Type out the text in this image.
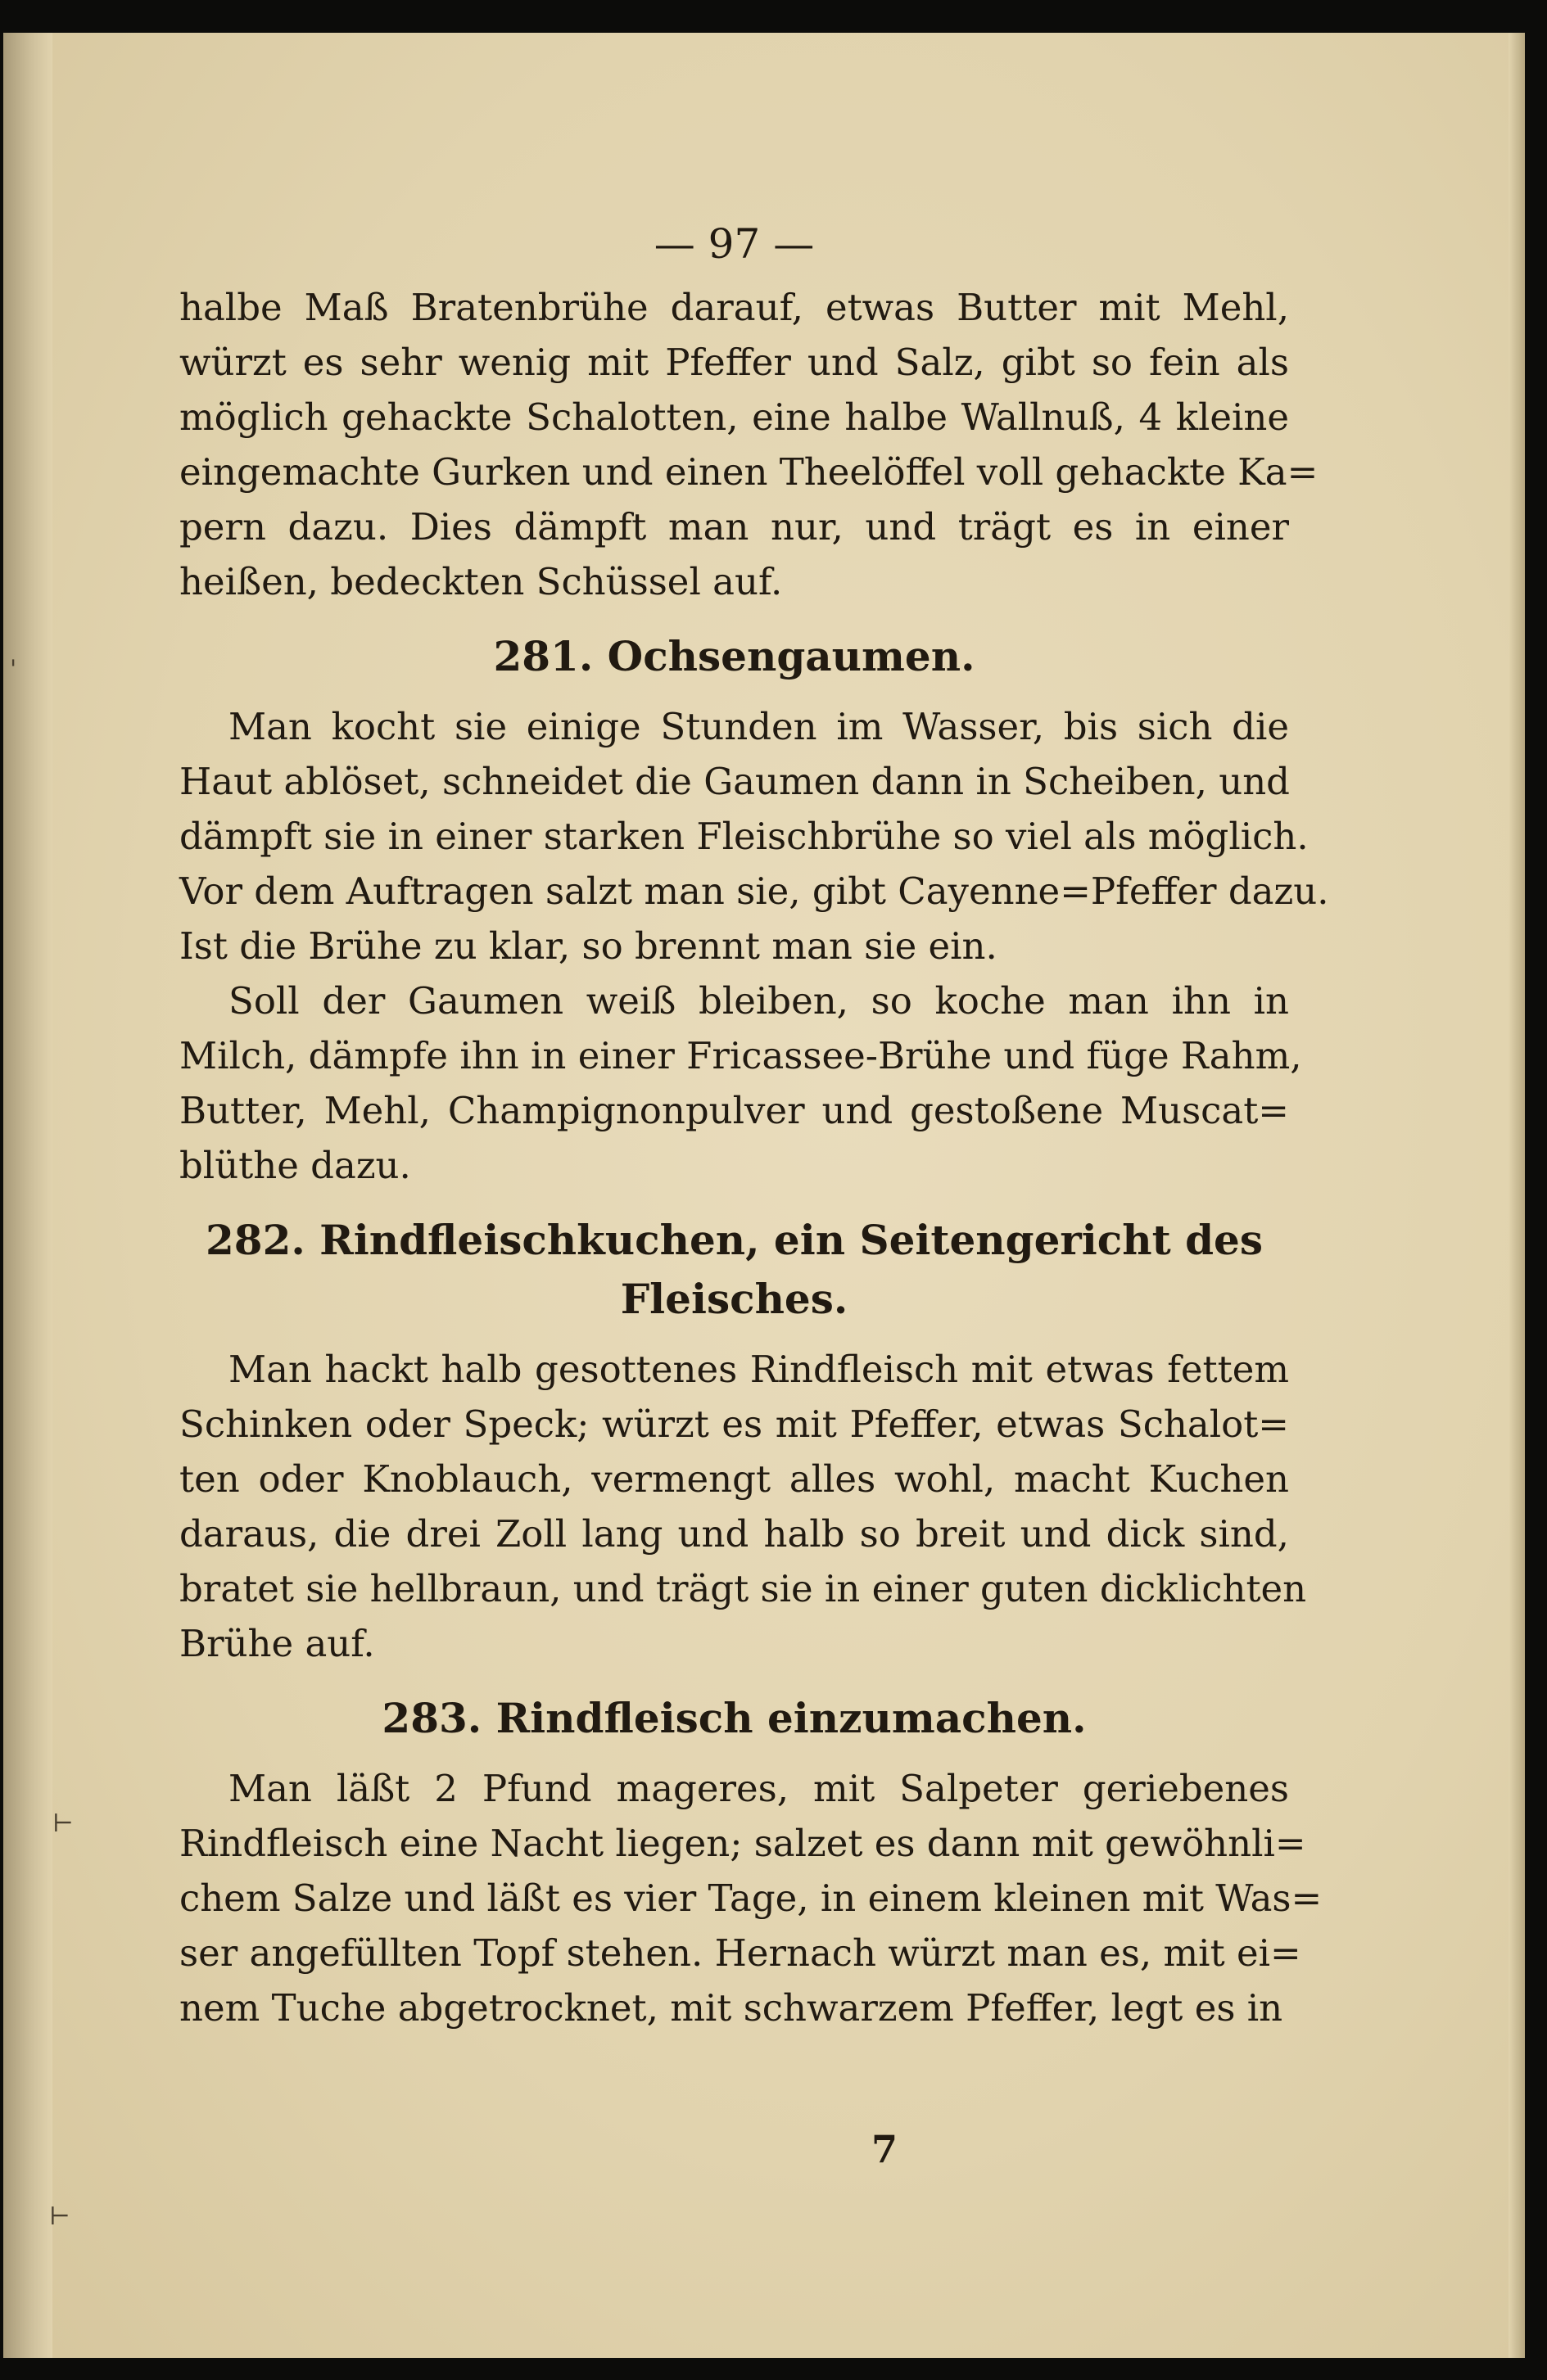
— 97 —
halbe Maß Bratenbrühe darauf, etwas Butter mit Mehl,
würzt es sehr wenig mit Pfeffer und Salz, gibt so fein als
möglich gehackte Schalotten, eine halbe Wallnuß, 4 kleine
eingemachte Gurken und einen Theelöffel voll gehackte Ka=
pern dazu. Dies dämpft man nur, und trägt es in einer
heißen, bedeckten Schüssel auf.
281. Ochsengaumen.
Man kocht sie einige Stunden im Wasser, bis sich die
Haut ablöset, schneidet die Gaumen dann in Scheiben, und
dämpft sie in einer starken Fleischbrühe so viel als möglich.
Vor dem Auftragen salzt man sie, gibt Cayenne=Pfeffer dazu.
Ist die Brühe zu klar, so brennt man sie ein.
Soll der Gaumen weiß bleiben, so koche man ihn in
Milch, dämpfe ihn in einer Fricassee-Brühe und füge Rahm,
Butter, Mehl, Champignonpulver und gestoßene Muscat=
blüthe dazu.
282. Rindfleischkuchen, ein Seitengericht des
Fleisches.
Man hackt halb gesottenes Rindfleisch mit etwas fettem
Schinken oder Speck; würzt es mit Pfeffer, etwas Schalot=
ten oder Knoblauch, vermengt alles wohl, macht Kuchen
daraus, die drei Zoll lang und halb so breit und dick sind,
bratet sie hellbraun, und trägt sie in einer guten dicklichten
Brühe auf.
283. Rindfleisch einzumachen.
Man läßt 2 Pfund mageres, mit Salpeter geriebenes
Rindfleisch eine Nacht liegen; salzet es dann mit gewöhnli=
chem Salze und läßt es vier Tage, in einem kleinen mit Was=
ser angefüllten Topf stehen. Hernach würzt man es, mit ei=
nem Tuche abgetrocknet, mit schwarzem Pfeffer, legt es in
7
'
⊢
⊢
